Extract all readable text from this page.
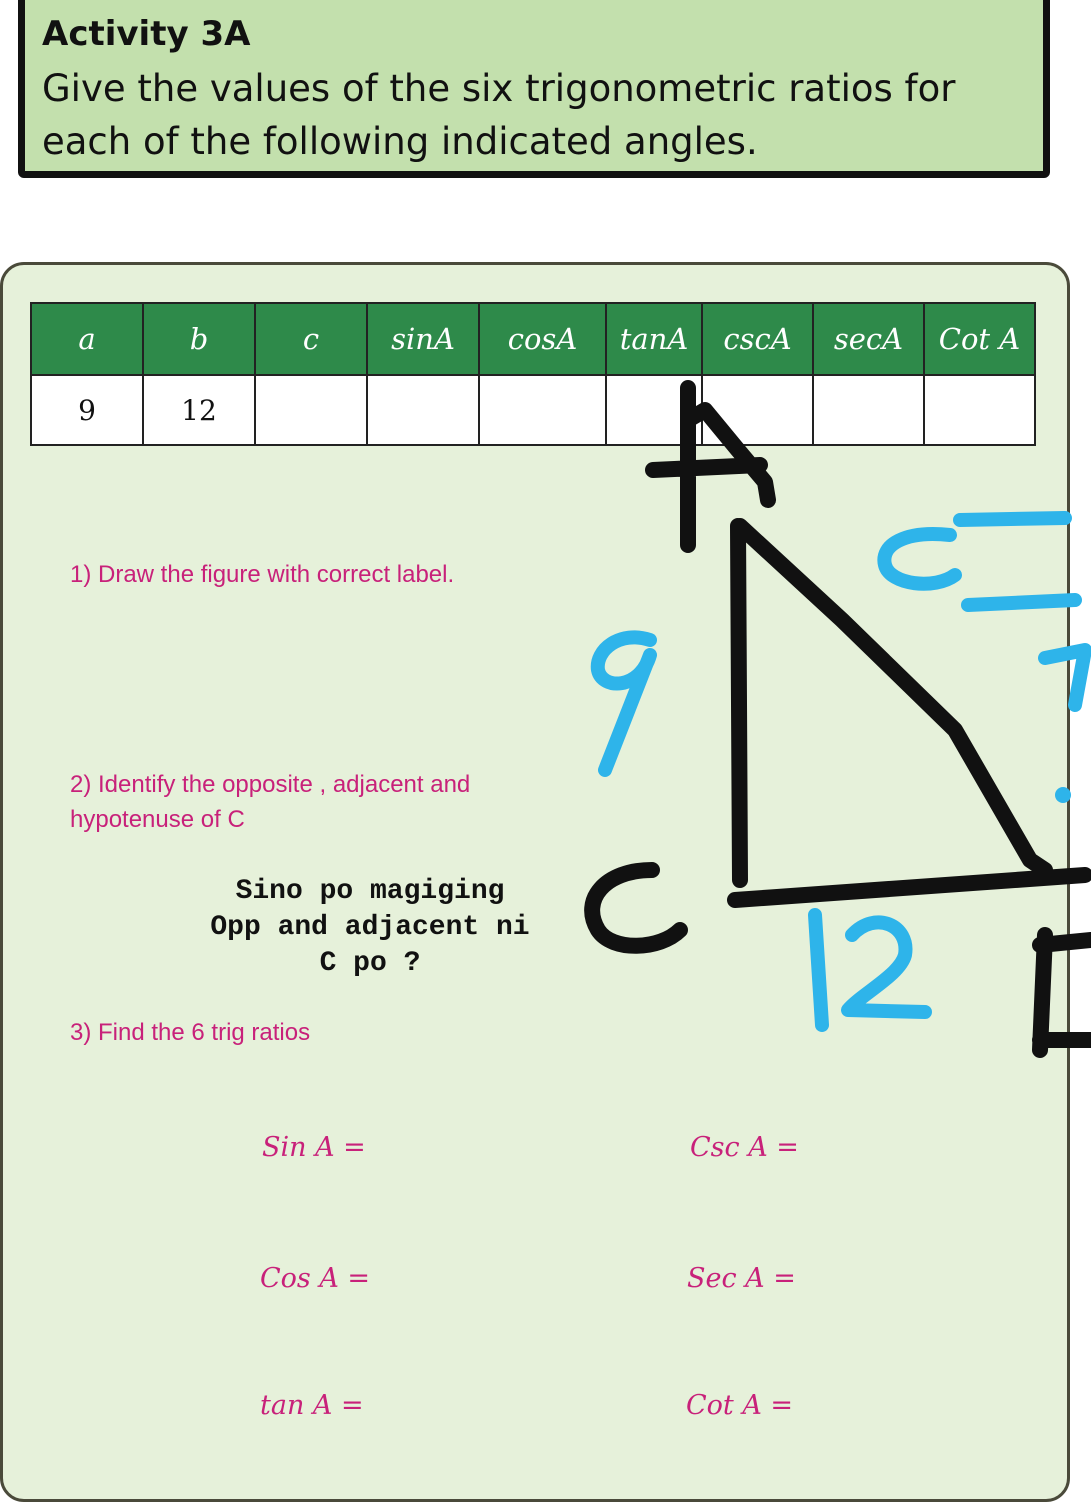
Activity 3A
Give the values of the six trigonometric ratios for each of the following indicated angles.
a	b	c	sinA	cosA	tanA	cscA	secA	Cot A
9	12							
1) Draw the figure with correct label.
2) Identify the opposite , adjacent and hypotenuse of C
3) Find the 6 trig ratios
Sino po magiging
Opp and adjacent ni
C po ?
Sin A =
Cos A =
tan A =
Csc A =
Sec A =
Cot A =
